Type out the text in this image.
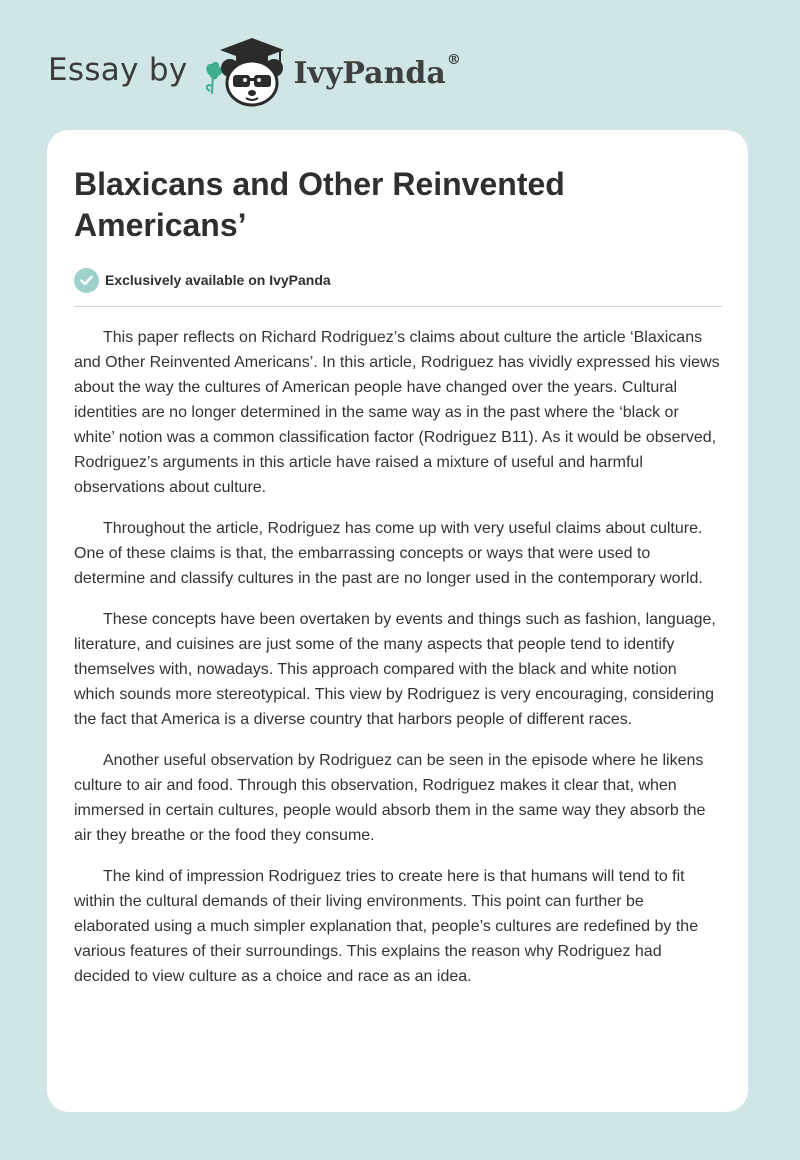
Essay by	IvyPanda®
Blaxicans and Other Reinvented Americans’
Exclusively available on IvyPanda

This paper reflects on Richard Rodriguez’s claims about culture the article ‘Blaxicans and Other Reinvented Americans’. In this article, Rodriguez has vividly expressed his views about the way the cultures of American people have changed over the years. Cultural identities are no longer determined in the same way as in the past where the ‘black or white’ notion was a common classification factor (Rodriguez B11). As it would be observed, Rodriguez’s arguments in this article have raised a mixture of useful and harmful observations about culture.

Throughout the article, Rodriguez has come up with very useful claims about culture. One of these claims is that, the embarrassing concepts or ways that were used to determine and classify cultures in the past are no longer used in the contemporary world.

These concepts have been overtaken by events and things such as fashion, language, literature, and cuisines are just some of the many aspects that people tend to identify themselves with, nowadays. This approach compared with the black and white notion which sounds more stereotypical. This view by Rodriguez is very encouraging, considering the fact that America is a diverse country that harbors people of different races.

Another useful observation by Rodriguez can be seen in the episode where he likens culture to air and food. Through this observation, Rodriguez makes it clear that, when immersed in certain cultures, people would absorb them in the same way they absorb the air they breathe or the food they consume.

The kind of impression Rodriguez tries to create here is that humans will tend to fit within the cultural demands of their living environments. This point can further be elaborated using a much simpler explanation that, people’s cultures are redefined by the various features of their surroundings. This explains the reason why Rodriguez had decided to view culture as a choice and race as an idea.
